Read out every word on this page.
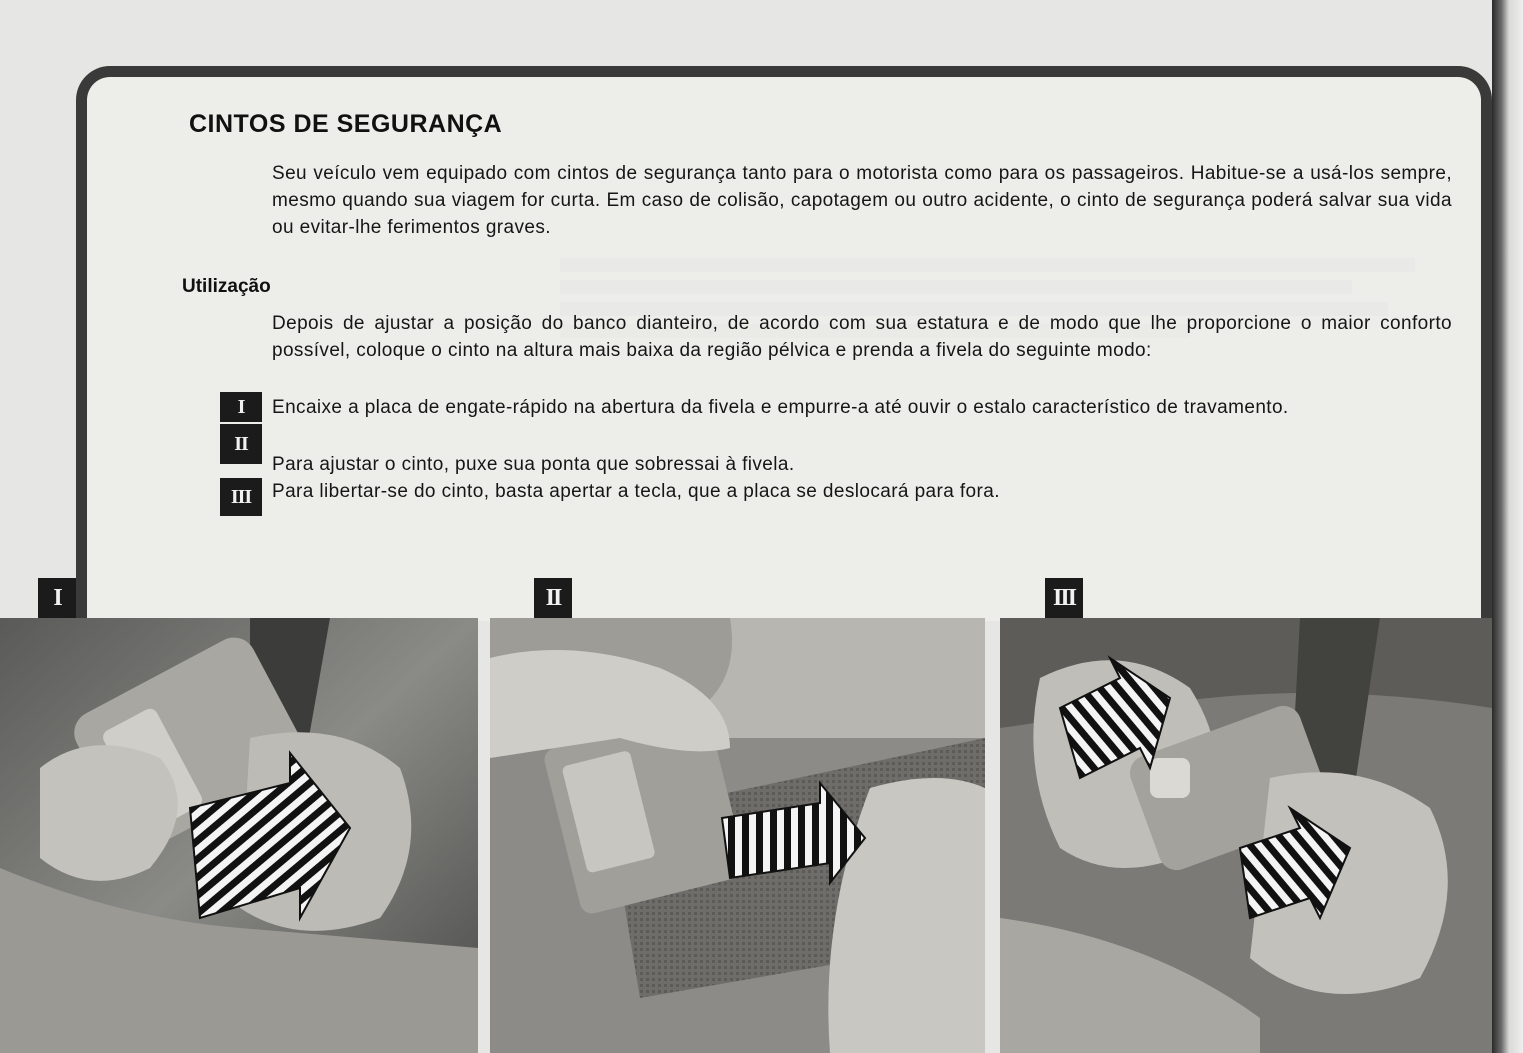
CINTOS DE SEGURANÇA

Seu veículo vem equipado com cintos de segurança tanto para o motorista como para os passageiros. Habitue-se a usá-los sempre, mesmo quando sua viagem for curta. Em caso de colisão, capotagem ou outro acidente, o cinto de segurança poderá salvar sua vida ou evitar-lhe ferimentos graves.

Utilização

Depois de ajustar a posição do banco dianteiro, de acordo com sua estatura e de modo que lhe proporcione o maior conforto possível, coloque o cinto na altura mais baixa da região pélvica e prenda a fivela do seguinte modo:

I	Encaixe a placa de engate-rápido na abertura da fivela e empurre-a até ouvir o estalo característico de travamento.
II
Para ajustar o cinto, puxe sua ponta que sobressai à fivela.
III	Para libertar-se do cinto, basta apertar a tecla, que a placa se deslocará para fora.
I	II	III
